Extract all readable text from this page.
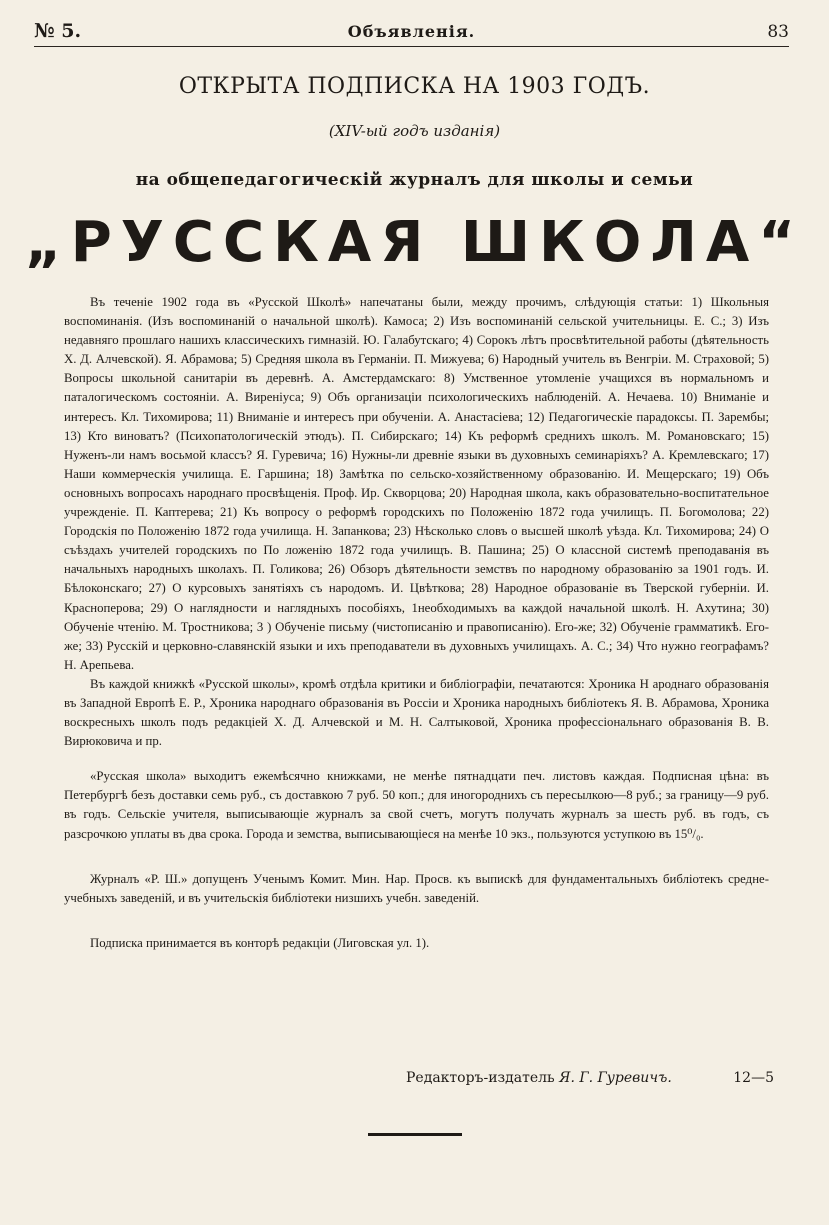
№ 5.	Объявленія.	83
ОТКРЫТА ПОДПИСКА НА 1903 ГОДЪ.
(XIV-ый годъ изданія)
на общепедагогическій журналъ для школы и семьи
„РУССКАЯ ШКОЛА“

Въ теченіе 1902 года въ «Русской Школѣ» напечатаны были, между прочимъ, слѣдующія статьи: 1) Школьныя воспоминанія. (Изъ воспоминаній о начальной школѣ). Камоса; 2) Изъ воспоминаній сельской учительницы. Е. С.; 3) Изъ недавняго прошлаго нашихъ классическихъ гимназій. Ю. Галабутскаго; 4) Сорокъ лѣтъ просвѣтительной работы (дѣятельность Х. Д. Алчевской). Я. Абрамова; 5) Средняя школа въ Германіи. П. Мижуева; 6) Народный учитель въ Венгріи. М. Страховой; 5) Вопросы школьной санитаріи въ деревнѣ. А. Амстердамскаго: 8) Умственное утомленіе учащихся въ нормальномъ и паталогическомъ состояніи. А. Виренiуса; 9) Объ организаціи психологическихъ наблюденій. А. Нечаева. 10) Вниманіе и интересъ. Кл. Тихомирова; 11) Вниманіе и интересъ при обученіи. А. Анастасіева; 12) Педагогическіе парадоксы. П. Зарембы; 13) Кто виноватъ? (Психопатологическій этюдъ). П. Сибирскаго; 14) Къ реформѣ среднихъ школъ. М. Романовскаго; 15) Нуженъ-ли намъ восьмой классъ? Я. Гуревича; 16) Нужны-ли древніе языки въ духовныхъ семинаріяхъ? А. Кремлевскаго; 17) Наши коммерческія училища. Е. Гаршина; 18) Замѣтка по сельско-хозяйственному образованію. И. Мещерскаго; 19) Объ основныхъ вопросахъ народнаго просвѣщенія. Проф. Ир. Скворцова; 20) Народная школа, какъ образовательно-воспитательное учрежденіе. П. Каптерева; 21) Къ вопросу о реформѣ городскихъ по Положенію 1872 года училищъ. П. Богомолова; 22) Городскія по Положенію 1872 года училища. Н. Запанкова; 23) Нѣсколько словъ о высшей школѣ уѣзда. Кл. Тихомирова; 24) О съѣздахъ учителей городскихъ по По ложенію 1872 года училищъ. В. Пашина; 25) О классной системѣ преподаванія въ начальныхъ народныхъ школахъ. П. Голикова; 26) Обзоръ дѣятельности земствъ по народному образованію за 1901 годъ. И. Бѣлоконскаго; 27) О курсовыхъ занятіяхъ съ народомъ. И. Цвѣткова; 28) Народное образованіе въ Тверской губерніи. И. Краснoперова; 29) О наглядности и наглядныхъ пособіяхъ, 1необходимыхъ ва каждой начальной школѣ. Н. Ахутина; 30) Обученіе чтенію. М. Тростникова; 3 ) Обученіе письму (чистописанію и правописанію). Его-же; 32) Обученіе грамматикѣ. Его-же; 33) Русскій и церковно-славянскій языки и ихъ преподаватели въ духовныхъ училищахъ. А. С.; 34) Что нужно географамъ? Н. Арепьева.

Въ каждой книжкѣ «Русской школы», кромѣ отдѣла критики и библіографіи, печатаются: Хроника Н ароднаго образованія въ Западной Европѣ Е. Р., Хроника народнаго образованія въ Россіи и Хроника народныхъ библіотекъ Я. В. Абрамова, Хроника воскресныхъ школъ подъ редакціей Х. Д. Алчевской и М. Н. Салтыковой, Хроника профессіональнаго образованія В. В. Вирюковича и пр.

«Русская школа» выходитъ ежемѣсячно книжками, не менѣе пятнадцати печ. листовъ каждая. Подписная цѣна: въ Петербургѣ безъ доставки семь руб., съ доставкою 7 руб. 50 коп.; для иногороднихъ съ пересылкою—8 руб.; за границу—9 руб. въ годъ. Сельскіе учителя, выписывающіе журналъ за свой счетъ, могутъ получать журналъ за шесть руб. въ годъ, съ разсрочкою уплаты въ два срока. Города и земства, выписывающіеся на менѣе 10 экз., пользуются уступкою въ 15⁰/₀.

Журналъ «Р. Ш.» допущенъ Ученымъ Комит. Мин. Нар. Просв. къ выпискѣ для фундаментальныхъ библіотекъ средне-учебныхъ заведеній, и въ учительскія библіотеки низшихъ учебн. заведеній.

Подписка принимается въ конторѣ редакціи (Лиговская ул. 1).

Редакторъ-издатель Я. Г. Гуревичъ.	12—5
